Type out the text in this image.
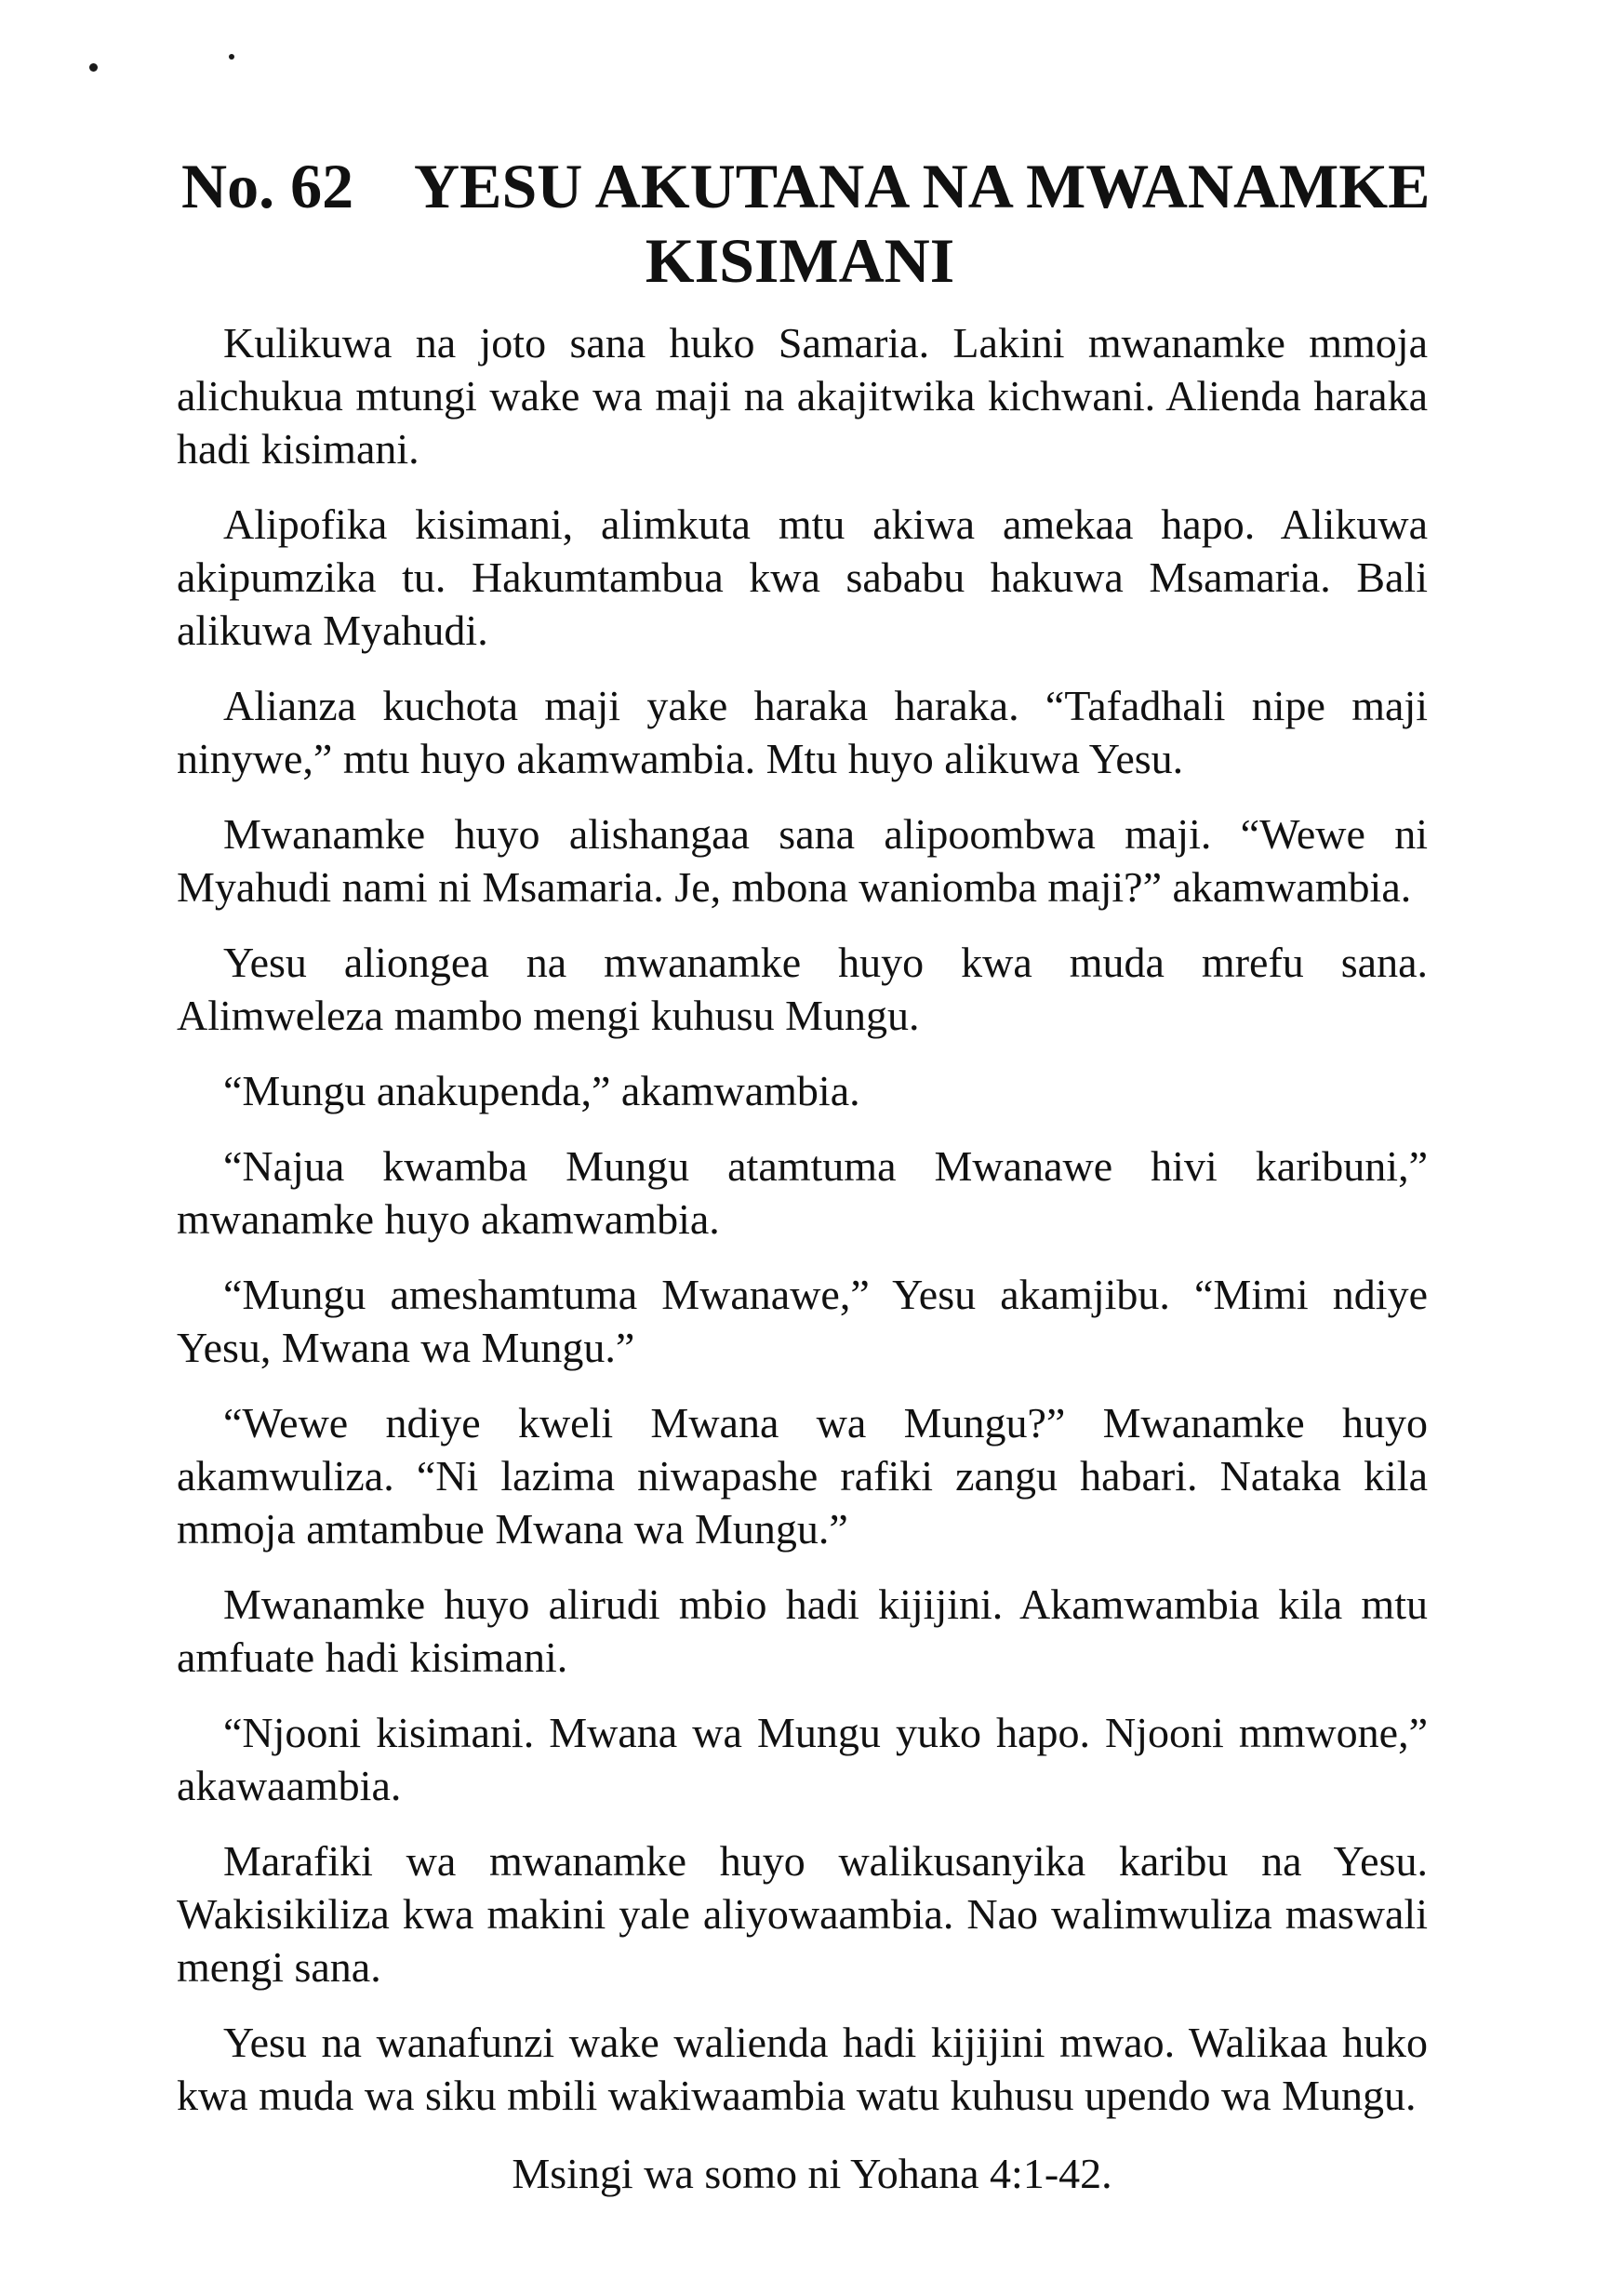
No. 62 YESU AKUTANA NA MWANAMKE
KISIMANI

Kulikuwa na joto sana huko Samaria. Lakini mwanamke mmoja alichukua mtungi wake wa maji na akajitwika kichwani. Alienda haraka hadi kisimani.

Alipofika kisimani, alimkuta mtu akiwa amekaa hapo. Alikuwa akipumzika tu. Hakumtambua kwa sababu hakuwa Msamaria. Bali alikuwa Myahudi.

Alianza kuchota maji yake haraka haraka. “Tafadhali nipe maji ninywe,” mtu huyo akamwambia. Mtu huyo alikuwa Yesu.

Mwanamke huyo alishangaa sana alipoombwa maji. “Wewe ni Myahudi nami ni Msamaria. Je, mbona waniomba maji?” akamwambia.

Yesu aliongea na mwanamke huyo kwa muda mrefu sana. Alimweleza mambo mengi kuhusu Mungu.

“Mungu anakupenda,” akamwambia.

“Najua kwamba Mungu atamtuma Mwanawe hivi karibuni,” mwanamke huyo akamwambia.

“Mungu ameshamtuma Mwanawe,” Yesu akamjibu. “Mimi ndiye Yesu, Mwana wa Mungu.”

“Wewe ndiye kweli Mwana wa Mungu?” Mwanamke huyo akamwuliza. “Ni lazima niwapashe rafiki zangu habari. Nataka kila mmoja amtambue Mwana wa Mungu.”

Mwanamke huyo alirudi mbio hadi kijijini. Akamwambia kila mtu amfuate hadi kisimani.

“Njooni kisimani. Mwana wa Mungu yuko hapo. Njooni mmwone,” akawaambia.

Marafiki wa mwanamke huyo walikusanyika karibu na Yesu. Wakisikiliza kwa makini yale aliyowaambia. Nao walimwuliza maswali mengi sana.

Yesu na wanafunzi wake walienda hadi kijijini mwao. Walikaa huko kwa muda wa siku mbili wakiwaambia watu kuhusu upendo wa Mungu.

Msingi wa somo ni Yohana 4:1-42.
